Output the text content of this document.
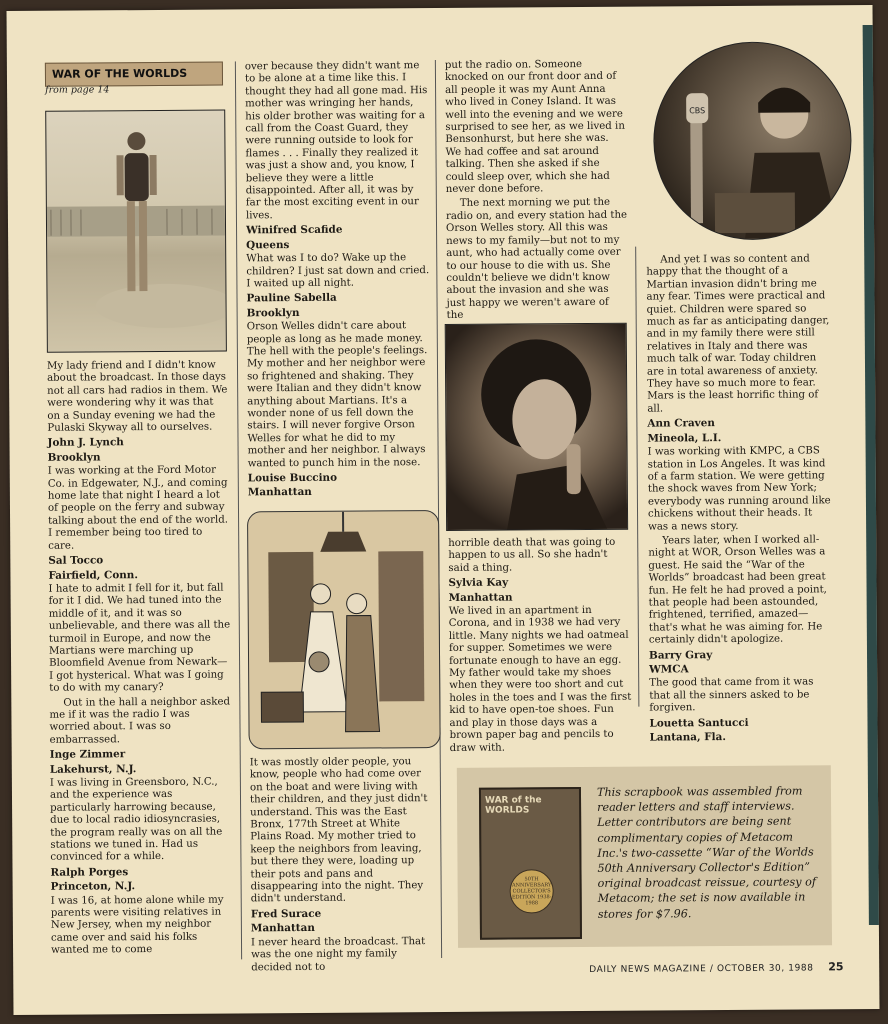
WAR OF THE WORLDS
from page 14

My lady friend and I didn't know about the broadcast. In those days not all cars had radios in them. We were wondering why it was that on a Sunday evening we had the Pulaski Skyway all to ourselves.

John J. Lynch

Brooklyn

I was working at the Ford Motor Co. in Edgewater, N.J., and coming home late that night I heard a lot of people on the ferry and subway talking about the end of the world. I remember being too tired to care.

Sal Tocco

Fairfield, Conn.

I hate to admit I fell for it, but fall for it I did. We had tuned into the middle of it, and it was so unbelievable, and there was all the turmoil in Europe, and now the Martians were marching up Bloomfield Avenue from Newark—I got hysterical. What was I going to do with my canary?

Out in the hall a neighbor asked me if it was the radio I was worried about. I was so embarrassed.

Inge Zimmer

Lakehurst, N.J.

I was living in Greensboro, N.C., and the experience was particularly harrowing because, due to local radio idiosyncrasies, the program really was on all the stations we tuned in. Had us convinced for a while.

Ralph Porges

Princeton, N.J.

I was 16, at home alone while my parents were visiting relatives in New Jersey, when my neighbor came over and said his folks wanted me to come

over because they didn't want me to be alone at a time like this. I thought they had all gone mad. His mother was wringing her hands, his older brother was waiting for a call from the Coast Guard, they were running outside to look for flames . . . Finally they realized it was just a show and, you know, I believe they were a little disappointed. After all, it was by far the most exciting event in our lives.

Winifred Scafide

Queens

What was I to do? Wake up the children? I just sat down and cried. I waited up all night.

Pauline Sabella

Brooklyn

Orson Welles didn't care about people as long as he made money. The hell with the people's feelings. My mother and her neighbor were so frightened and shaking. They were Italian and they didn't know anything about Martians. It's a wonder none of us fell down the stairs. I will never forgive Orson Welles for what he did to my mother and her neighbor. I always wanted to punch him in the nose.

Louise Buccino

Manhattan

It was mostly older people, you know, people who had come over on the boat and were living with their children, and they just didn't understand. This was the East Bronx, 177th Street at White Plains Road. My mother tried to keep the neighbors from leaving, but there they were, loading up their pots and pans and disappearing into the night. They didn't understand.

Fred Surace

Manhattan

I never heard the broadcast. That was the one night my family decided not to

put the radio on. Someone knocked on our front door and of all people it was my Aunt Anna who lived in Coney Island. It was well into the evening and we were surprised to see her, as we lived in Bensonhurst, but here she was. We had coffee and sat around talking. Then she asked if she could sleep over, which she had never done before.

The next morning we put the radio on, and every station had the Orson Welles story. All this was news to my family—but not to my aunt, who had actually come over to our house to die with us. She couldn't believe we didn't know about the invasion and she was just happy we weren't aware of the

horrible death that was going to happen to us all. So she hadn't said a thing.

Sylvia Kay

Manhattan

We lived in an apartment in Corona, and in 1938 we had very little. Many nights we had oatmeal for supper. Sometimes we were fortunate enough to have an egg. My father would take my shoes when they were too short and cut holes in the toes and I was the first kid to have open-toe shoes. Fun and play in those days was a brown paper bag and pencils to draw with.

CBS

And yet I was so content and happy that the thought of a Martian invasion didn't bring me any fear. Times were practical and quiet. Children were spared so much as far as anticipating danger, and in my family there were still relatives in Italy and there was much talk of war. Today children are in total awareness of anxiety. They have so much more to fear. Mars is the least horrific thing of all.

Ann Craven

Mineola, L.I.

I was working with KMPC, a CBS station in Los Angeles. It was kind of a farm station. We were getting the shock waves from New York; everybody was running around like chickens without their heads. It was a news story.

Years later, when I worked all-night at WOR, Orson Welles was a guest. He said the “War of the Worlds” broadcast had been great fun. He felt he had proved a point, that people had been astounded, frightened, terrified, amazed—that's what he was aiming for. He certainly didn't apologize.

Barry Gray

WMCA

The good that came from it was that all the sinners asked to be forgiven.

Louetta Santucci

Lantana, Fla.

WAR of the WORLDS
50TH ANNIVERSARY COLLECTOR'S EDITION 1938-1988
This scrapbook was assembled from reader letters and staff interviews. Letter contributors are being sent complimentary copies of Metacom Inc.'s two-cassette “War of the Worlds 50th Anniversary Collector's Edition” original broadcast reissue, courtesy of Metacom; the set is now available in stores for $7.96.
DAILY NEWS MAGAZINE / OCTOBER 30, 1988 25
